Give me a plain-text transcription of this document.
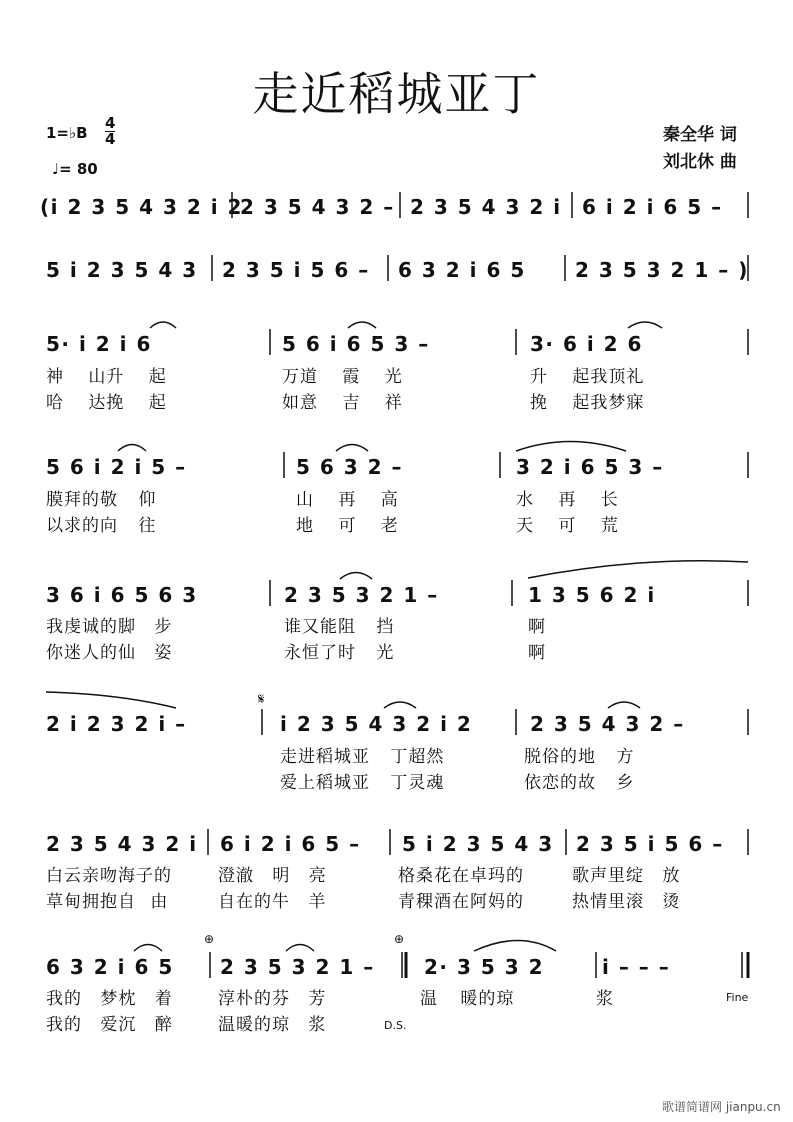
走近稻城亚丁
1=♭B
4
4
♩= 80
秦全华 词
刘北休 曲
(i 2 3 5 4 3 2 i 2
2 3 5 4 3 2 – 2 3 5 4 3 2 i 6 i 2 i 6 5 –
5 i 2 3 5 4 3 2 3 5 i 5 6 – 6 3 2 i 6 5 2 3 5 3 2 1 – )
5· i 2 i 6	5 6 i 6 5 3 –	3· 6 i 2 6
神 山升 起	万道 霞 光	升 起我顶礼
哈 达挽 起	如意 吉 祥	挽 起我梦寐
5 6 i 2 i 5 –	5 6 3 2 –	3 2 i 6 5 3 –
膜拜的敬 仰	山 再 高	水 再 长
以求的向 往	地 可 老	天 可 荒
3 6 i 6 5 6 3	2 3 5 3 2 1 –	1 3 5 6 2 i
我虔诚的脚 步	谁又能阻 挡	啊
你迷人的仙 姿	永恒了时 光	啊
𝄋
2 i 2 3 2 i –	i 2 3 5 4 3 2 i 2	2 3 5 4 3 2 –
走进稻城亚 丁超然	脱俗的地 方
爱上稻城亚 丁灵魂	依恋的故 乡
2 3 5 4 3 2 i 6 i 2 i 6 5 – 5 i 2 3 5 4 3 2 3 5 i 5 6 –
白云亲吻海子的	澄澈 明 亮	格桑花在卓玛的	歌声里绽 放
草甸拥抱自 由	自在的牛 羊	青稞酒在阿妈的	热情里滚 烫
⊕	⊕
6 3 2 i 6 5 2 3 5 3 2 1 – 2· 3 5 3 2	i – – –
我的 梦枕 着	淳朴的芬 芳	温 暖的琼	浆
我的 爱沉 醉	温暖的琼 浆
Fine
D.S.
歌谱简谱网 jianpu.cn
